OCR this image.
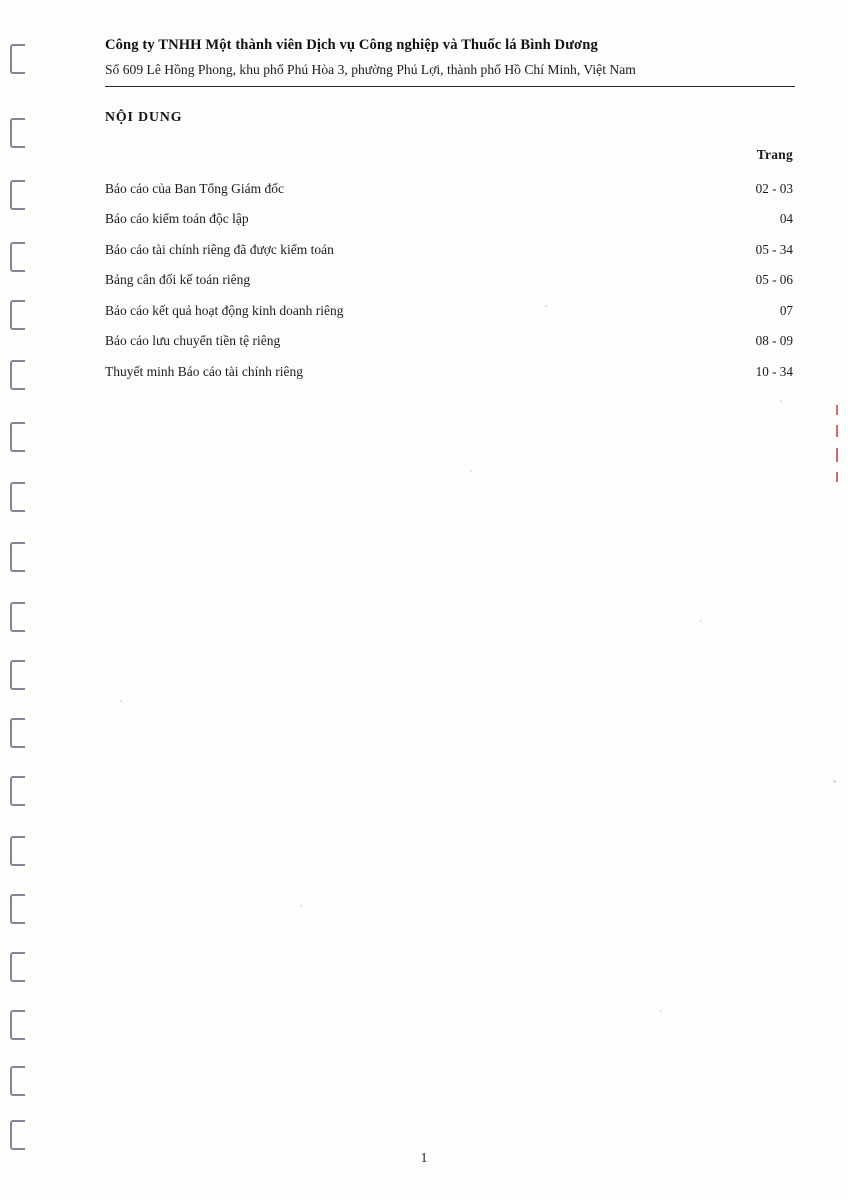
Công ty TNHH Một thành viên Dịch vụ Công nghiệp và Thuốc lá Bình Dương
Số 609 Lê Hồng Phong, khu phố Phú Hòa 3, phường Phú Lợi, thành phố Hồ Chí Minh, Việt Nam
NỘI DUNG
Trang
Báo cáo của Ban Tổng Giám đốc	02 - 03
Báo cáo kiểm toán độc lập	04
Báo cáo tài chính riêng đã được kiểm toán	05 - 34
Bảng cân đối kế toán riêng	05 - 06
Báo cáo kết quả hoạt động kinh doanh riêng	07
Báo cáo lưu chuyển tiền tệ riêng	08 - 09
Thuyết minh Báo cáo tài chính riêng	10 - 34
1
